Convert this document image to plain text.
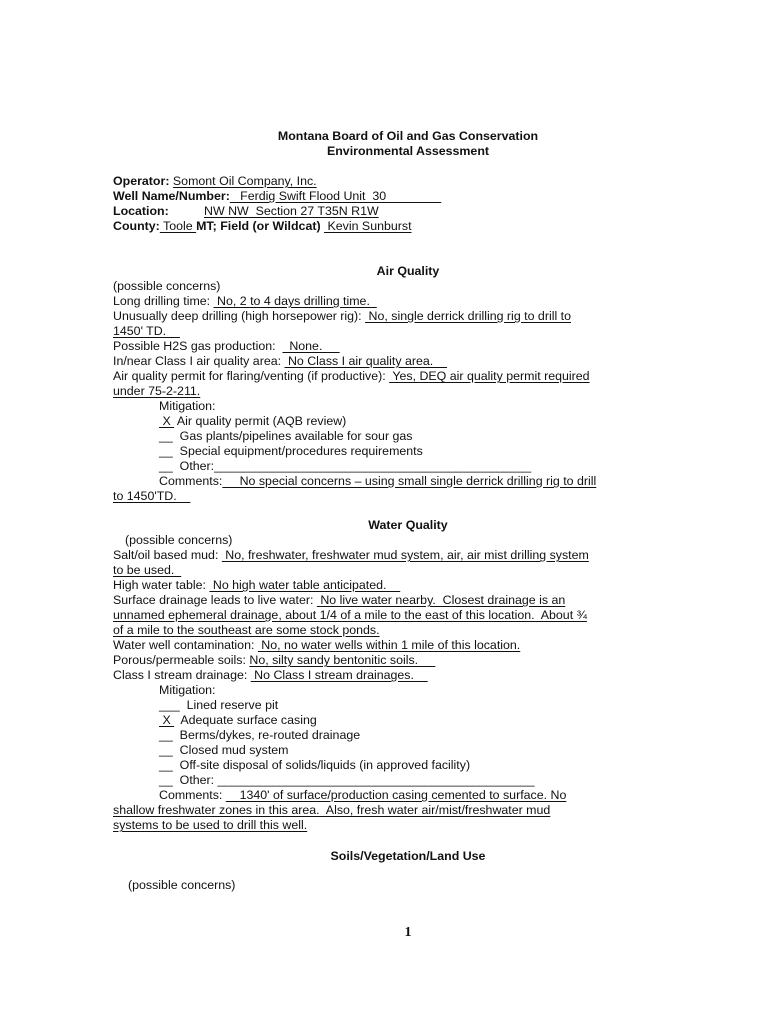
Montana Board of Oil and Gas Conservation
Environmental Assessment
Operator: Somont Oil Company, Inc.
Well Name/Number:   Ferdig Swift Flood Unit  30
Location:	NW NW  Section 27 T35N R1W
County: Toole MT; Field (or Wildcat)  Kevin Sunburst
Air Quality
(possible concerns)
Long drilling time:  No, 2 to 4 days drilling time.
Unusually deep drilling (high horsepower rig):  No, single derrick drilling rig to drill to
1450' TD.
Possible H2S gas production:    None.
In/near Class I air quality area:  No Class I air quality area.
Air quality permit for flaring/venting (if productive):  Yes, DEQ air quality permit required
under 75-2-211.
Mitigation:
X  Air quality permit (AQB review)
__  Gas plants/pipelines available for sour gas
__  Special equipment/procedures requirements
__  Other:______________________________________________
Comments:     No special concerns – using small single derrick drilling rig to drill
to 1450'TD.
Water Quality
(possible concerns)
Salt/oil based mud:  No, freshwater, freshwater mud system, air, air mist drilling system
to be used.
High water table:  No high water table anticipated.
Surface drainage leads to live water:  No live water nearby.  Closest drainage is an
unnamed ephemeral drainage, about 1/4 of a mile to the east of this location.  About ¾
of a mile to the southeast are some stock ponds.
Water well contamination:  No, no water wells within 1 mile of this location.
Porous/permeable soils: No, silty sandy bentonitic soils.
Class I stream drainage:  No Class I stream drainages.
Mitigation:
___  Lined reserve pit
X   Adequate surface casing
__  Berms/dykes, re-routed drainage
__  Closed mud system
__  Off-site disposal of solids/liquids (in approved facility)
__  Other: ______________________________________________
Comments:     1340' of surface/production casing cemented to surface. No
shallow freshwater zones in this area.  Also, fresh water air/mist/freshwater mud
systems to be used to drill this well.
Soils/Vegetation/Land Use
(possible concerns)
1
